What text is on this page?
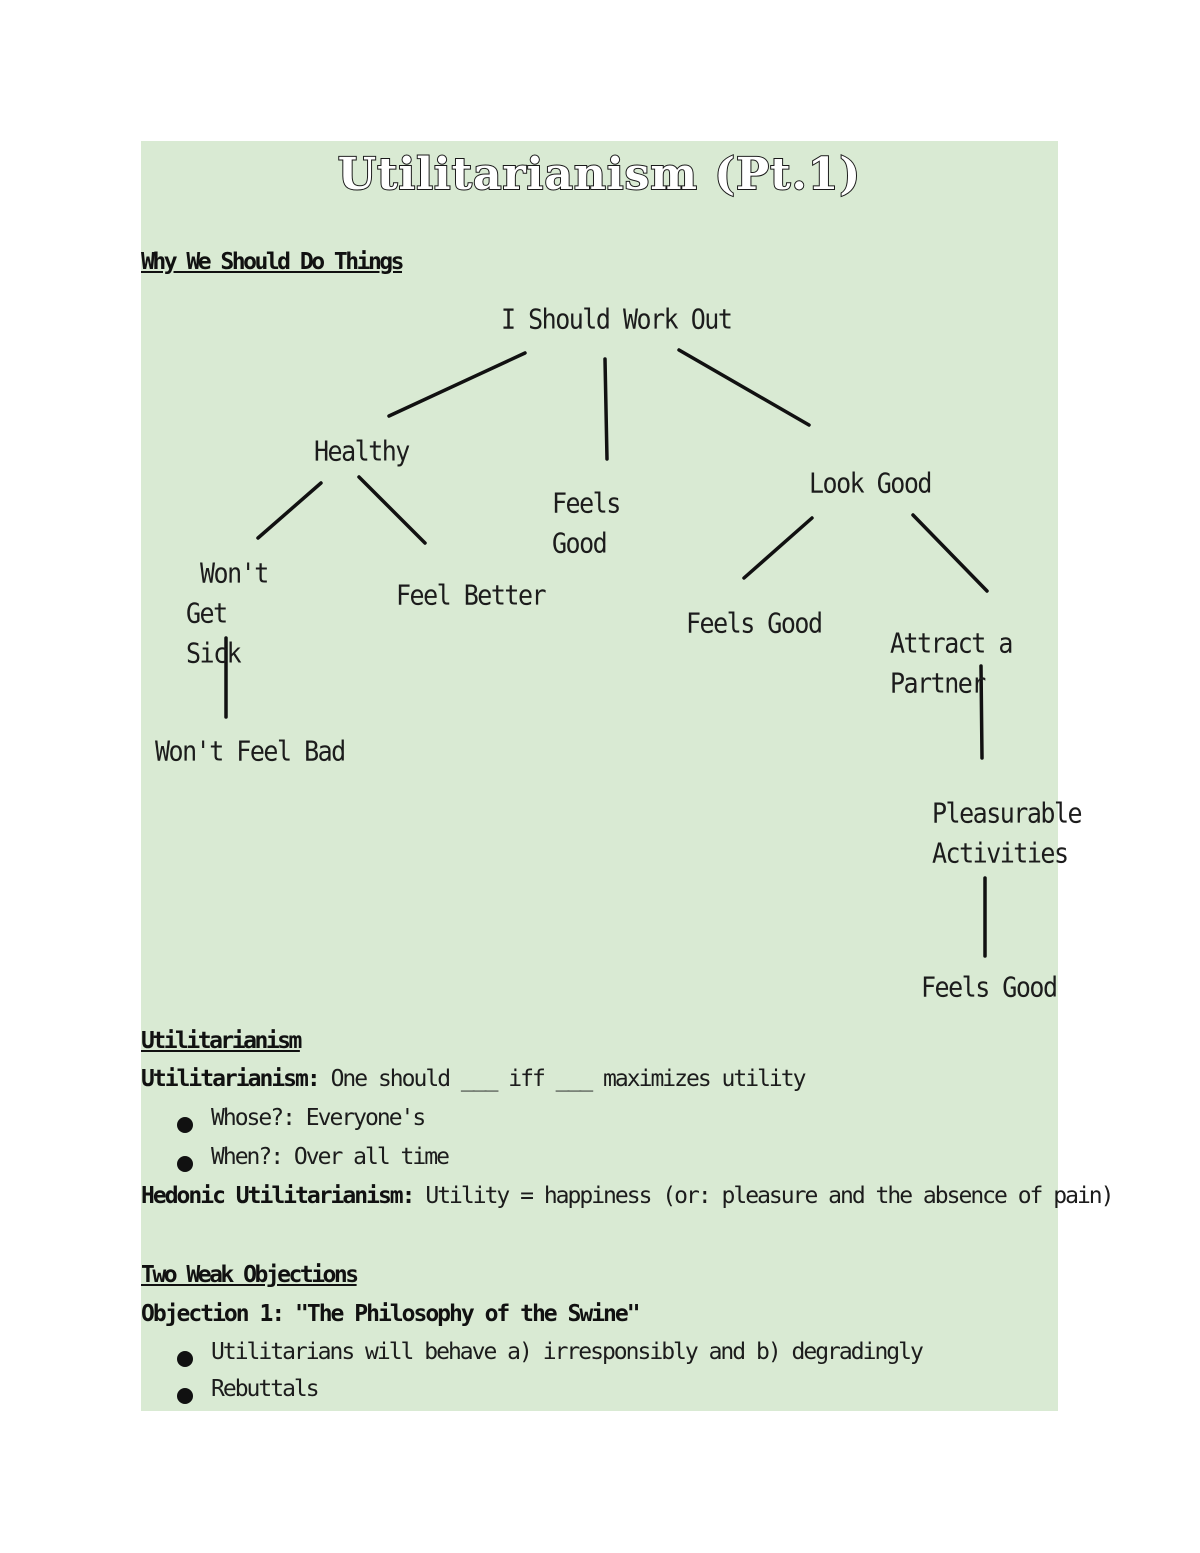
Utilitarianism (Pt.1)
Why We Should Do Things
I Should Work Out
Healthy
Won't
Get
Sick
Won't Feel Bad
Feel Better
Feels
Good
Look Good
Feels Good
Attract a
Partner
Pleasurable
Activities
Feels Good
Utilitarianism
Utilitarianism: One should ___ iff ___ maximizes utility
Whose?: Everyone's
When?: Over all time
Hedonic Utilitarianism: Utility = happiness (or: pleasure and the absence of pain)
Two Weak Objections
Objection 1: "The Philosophy of the Swine"
Utilitarians will behave a) irresponsibly and b) degradingly
Rebuttals
